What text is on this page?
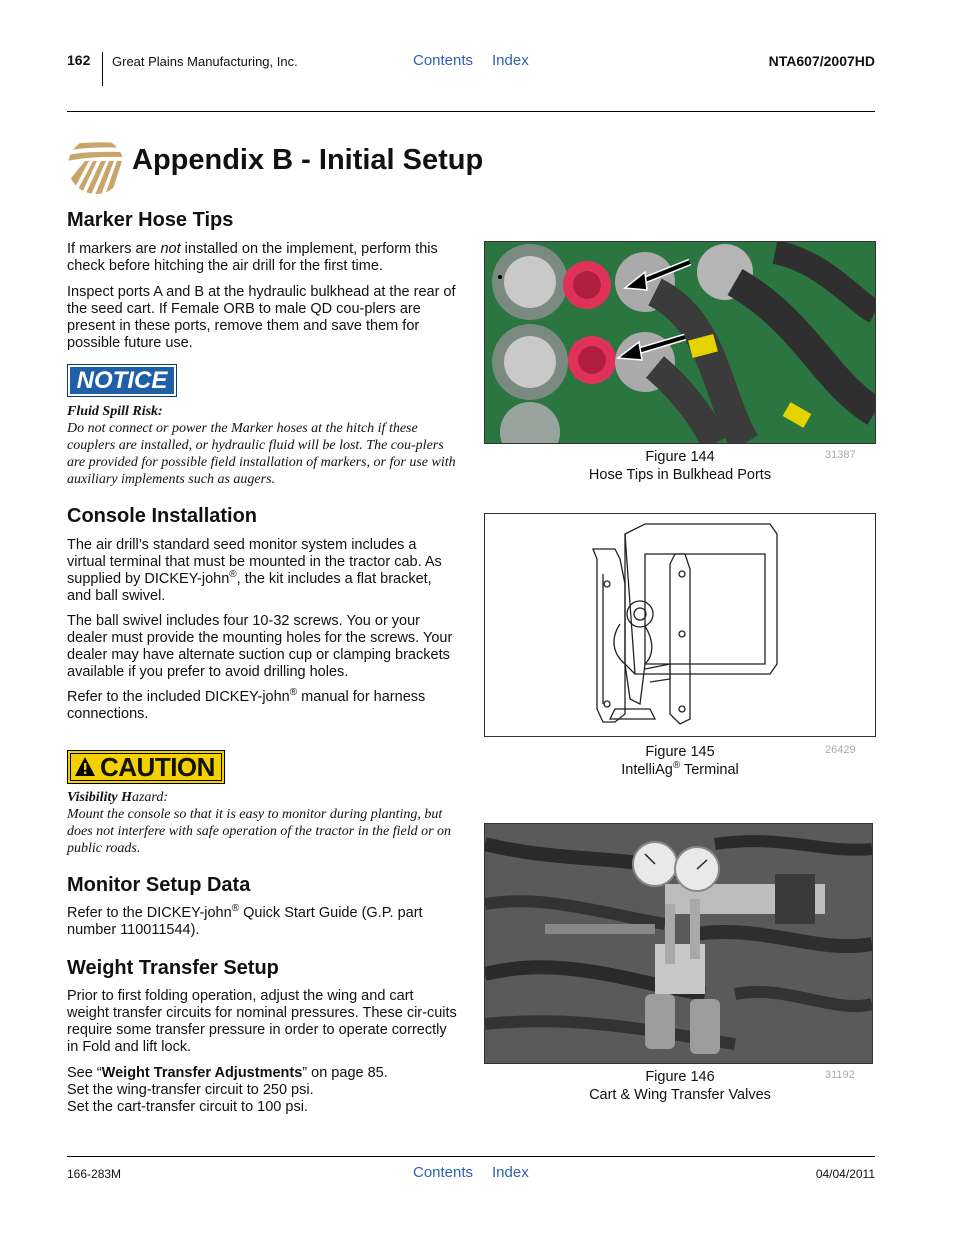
162 Great Plains Manufacturing, Inc.	Contents Index	NTA607/2007HD
Appendix B - Initial Setup
Marker Hose Tips

If markers are not installed on the implement, perform this check before hitching the air drill for the first time.

Inspect ports A and B at the hydraulic bulkhead at the rear of the seed cart. If Female ORB to male QD cou-plers are present in these ports, remove them and save them for possible future use.

NOTICE
Fluid Spill Risk:
Do not connect or power the Marker hoses at the hitch if these couplers are installed, or hydraulic fluid will be lost. The cou-plers are provided for possible field installation of markers, or for use with auxiliary implements such as augers.
Console Installation

The air drill’s standard seed monitor system includes a virtual terminal that must be mounted in the tractor cab. As supplied by DICKEY-john®, the kit includes a flat bracket, and ball swivel.

The ball swivel includes four 10-32 screws. You or your dealer must provide the mounting holes for the screws. Your dealer may have alternate suction cup or clamping brackets available if you prefer to avoid drilling holes.

Refer to the included DICKEY-john® manual for harness connections.

CAUTION
Visibility Hazard:
Mount the console so that it is easy to monitor during planting, but does not interfere with safe operation of the tractor in the field or on public roads.
Monitor Setup Data

Refer to the DICKEY-john® Quick Start Guide (G.P. part number 110011544).

Weight Transfer Setup

Prior to first folding operation, adjust the wing and cart weight transfer circuits for nominal pressures. These cir-cuits require some transfer pressure in order to operate correctly in Fold and lift lock.

See “Weight Transfer Adjustments” on page 85.

Set the wing-transfer circuit to 250 psi.

Set the cart-transfer circuit to 100 psi.

Figure 144
Hose Tips in Bulkhead Ports
31387
Figure 145
IntelliAg® Terminal
26429
Figure 146
Cart & Wing Transfer Valves
31192
166-283M	Contents Index	04/04/2011
